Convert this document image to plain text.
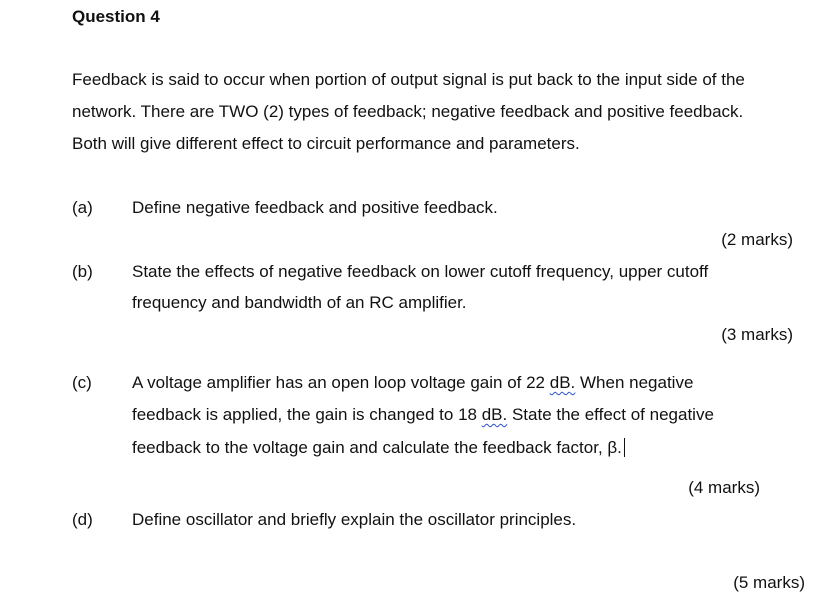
Question 4
Feedback is said to occur when portion of output signal is put back to the input side of the
network. There are TWO (2) types of feedback; negative feedback and positive feedback.
Both will give different effect to circuit performance and parameters.
(a) Define negative feedback and positive feedback.
(2 marks)
(b) State the effects of negative feedback on lower cutoff frequency, upper cutoff
frequency and bandwidth of an RC amplifier.
(3 marks)
(c) A voltage amplifier has an open loop voltage gain of 22 dB. When negative
feedback is applied, the gain is changed to 18 dB. State the effect of negative
feedback to the voltage gain and calculate the feedback factor, β.
(4 marks)
(d) Define oscillator and briefly explain the oscillator principles.
(5 marks)
